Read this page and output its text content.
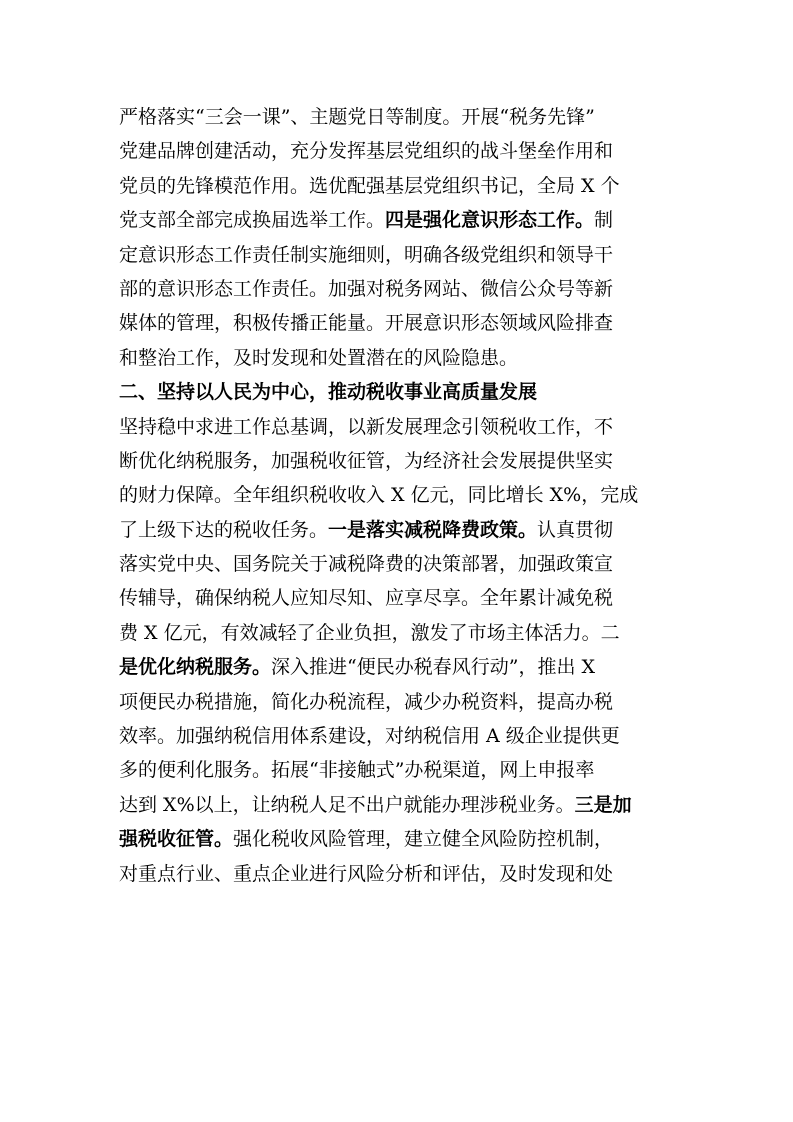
严格落实“三会一课”、主题党日等制度。开展“税务先锋”
党建品牌创建活动，充分发挥基层党组织的战斗堡垒作用和
党员的先锋模范作用。选优配强基层党组织书记，全局 X 个
党支部全部完成换届选举工作。四是强化意识形态工作。制
定意识形态工作责任制实施细则，明确各级党组织和领导干
部的意识形态工作责任。加强对税务网站、微信公众号等新
媒体的管理，积极传播正能量。开展意识形态领域风险排查
和整治工作，及时发现和处置潜在的风险隐患。
二、坚持以人民为中心，推动税收事业高质量发展
坚持稳中求进工作总基调，以新发展理念引领税收工作，不
断优化纳税服务，加强税收征管，为经济社会发展提供坚实
的财力保障。全年组织税收收入 X 亿元，同比增长 X%，完成
了上级下达的税收任务。一是落实减税降费政策。认真贯彻
落实党中央、国务院关于减税降费的决策部署，加强政策宣
传辅导，确保纳税人应知尽知、应享尽享。全年累计减免税
费 X 亿元，有效减轻了企业负担，激发了市场主体活力。二
是优化纳税服务。深入推进“便民办税春风行动”，推出 X
项便民办税措施，简化办税流程，减少办税资料，提高办税
效率。加强纳税信用体系建设，对纳税信用 A 级企业提供更
多的便利化服务。拓展“非接触式”办税渠道，网上申报率
达到 X%以上，让纳税人足不出户就能办理涉税业务。三是加
强税收征管。强化税收风险管理，建立健全风险防控机制，
对重点行业、重点企业进行风险分析和评估，及时发现和处
